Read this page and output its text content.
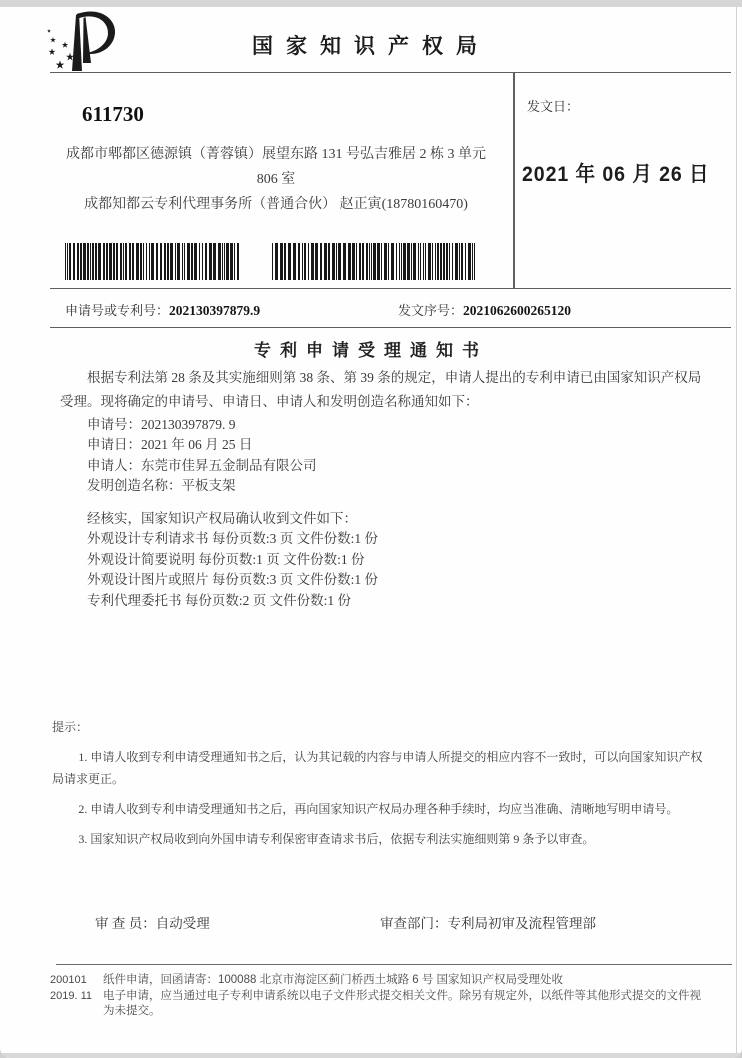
国家知识产权局
发文日：
2021 年 06 月 26 日
611730
成都市郫都区德源镇（菁蓉镇）展望东路 131 号弘吉雅居 2 栋 3 单元
806 室
成都知都云专利代理事务所（普通合伙） 赵正寅(18780160470)
申请号或专利号：202130397879.9	发文序号：2021062600265120
专利申请受理通知书

根据专利法第 28 条及其实施细则第 38 条、第 39 条的规定，申请人提出的专利申请已由国家知识产权局受理。现将确定的申请号、申请日、申请人和发明创造名称通知如下：

申请号：202130397879. 9
申请日：2021 年 06 月 25 日
申请人：东莞市佳昇五金制品有限公司
发明创造名称：平板支架
经核实，国家知识产权局确认收到文件如下：
外观设计专利请求书 每份页数:3 页 文件份数:1 份
外观设计简要说明 每份页数:1 页 文件份数:1 份
外观设计图片或照片 每份页数:3 页 文件份数:1 份
专利代理委托书 每份页数:2 页 文件份数:1 份

提示：

1. 申请人收到专利申请受理通知书之后，认为其记载的内容与申请人所提交的相应内容不一致时，可以向国家知识产权局请求更正。

2. 申请人收到专利申请受理通知书之后，再向国家知识产权局办理各种手续时，均应当准确、清晰地写明申请号。

3. 国家知识产权局收到向外国申请专利保密审查请求书后，依据专利法实施细则第 9 条予以审查。

审 查 员：自动受理	审查部门：专利局初审及流程管理部
200101
2019. 11
纸件申请，回函请寄：100088 北京市海淀区蓟门桥西土城路 6 号 国家知识产权局受理处收
电子申请，应当通过电子专利申请系统以电子文件形式提交相关文件。除另有规定外，以纸件等其他形式提交的文件视为未提交。
